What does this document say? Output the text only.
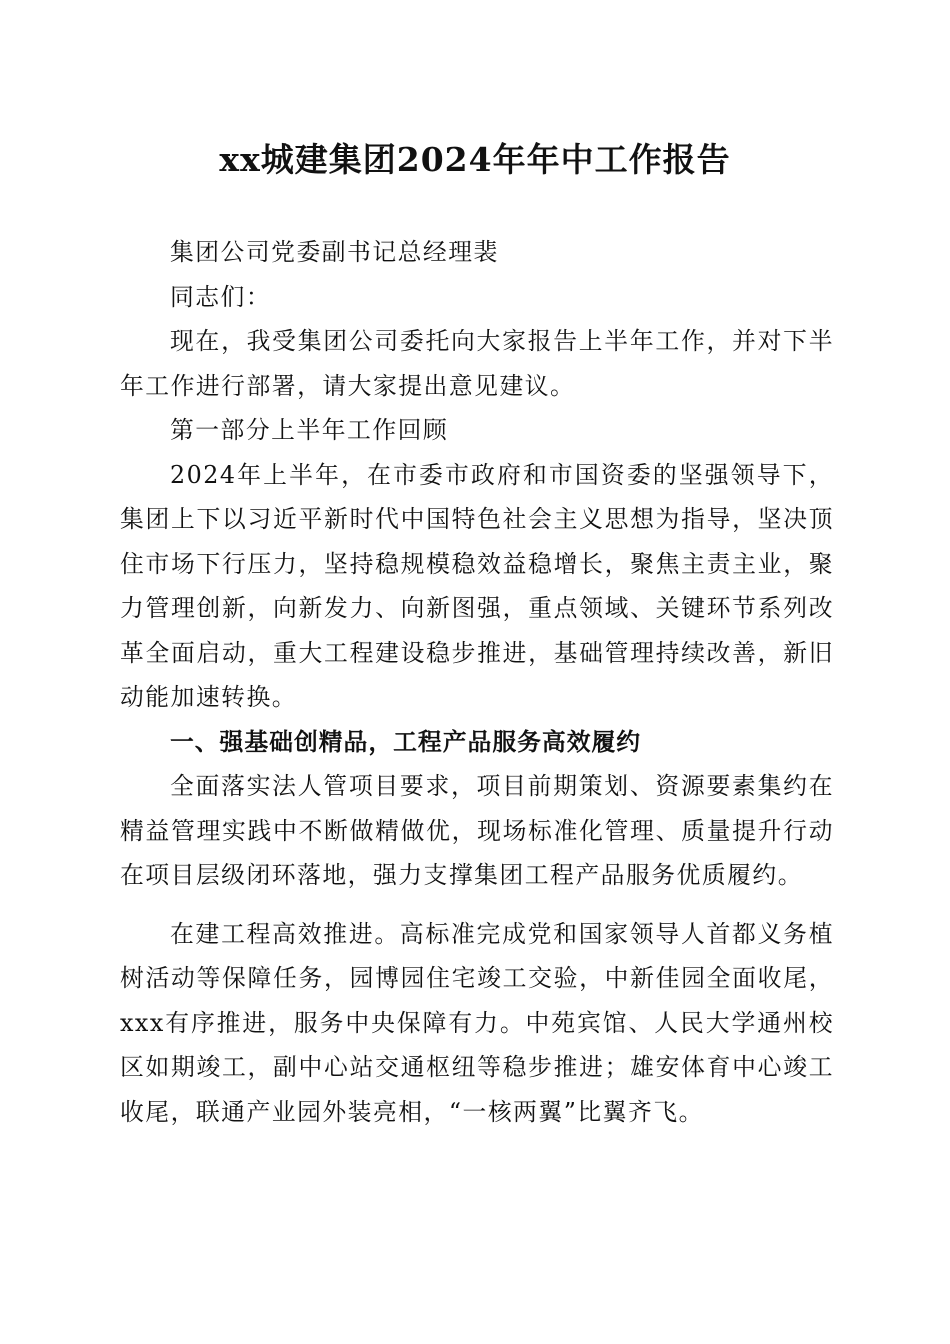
xx城建集团2024年年中工作报告

集团公司党委副书记总经理裴

同志们：

现在，我受集团公司委托向大家报告上半年工作，并对下半年工作进行部署，请大家提出意见建议。

第一部分上半年工作回顾

2024年上半年，在市委市政府和市国资委的坚强领导下，集团上下以习近平新时代中国特色社会主义思想为指导，坚决顶住市场下行压力，坚持稳规模稳效益稳增长，聚焦主责主业，聚力管理创新，向新发力、向新图强，重点领域、关键环节系列改革全面启动，重大工程建设稳步推进，基础管理持续改善，新旧动能加速转换。

一、强基础创精品，工程产品服务高效履约

全面落实法人管项目要求，项目前期策划、资源要素集约在精益管理实践中不断做精做优，现场标准化管理、质量提升行动在项目层级闭环落地，强力支撑集团工程产品服务优质履约。

在建工程高效推进。高标准完成党和国家领导人首都义务植树活动等保障任务，园博园住宅竣工交验，中新佳园全面收尾，xxx有序推进，服务中央保障有力。中苑宾馆、人民大学通州校区如期竣工，副中心站交通枢纽等稳步推进；雄安体育中心竣工收尾，联通产业园外装亮相，“一核两翼”比翼齐飞。
